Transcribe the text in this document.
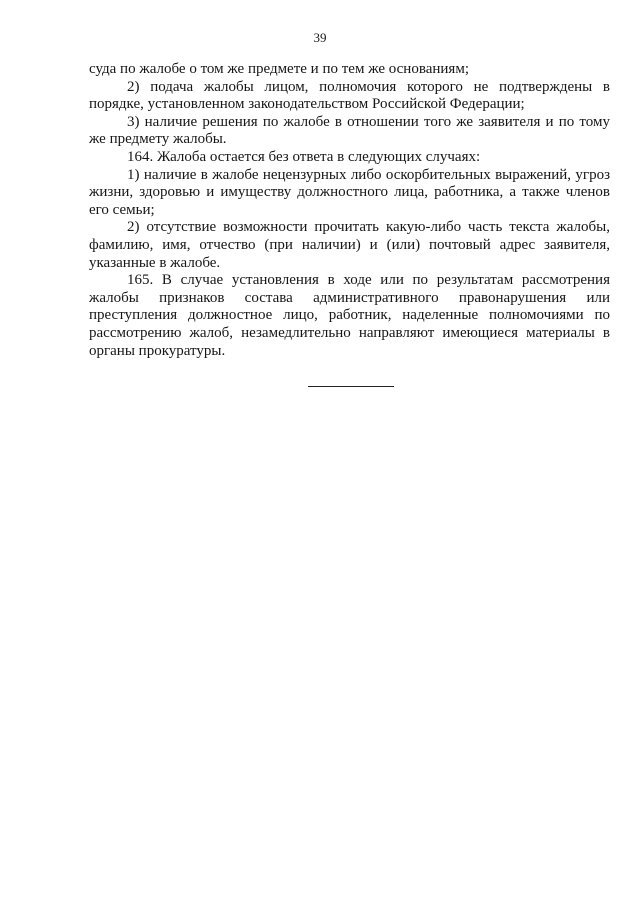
39

суда по жалобе о том же предмете и по тем же основаниям;

2) подача жалобы лицом, полномочия которого не подтверждены в порядке, установленном законодательством Российской Федерации;

3) наличие решения по жалобе в отношении того же заявителя и по тому же предмету жалобы.

164. Жалоба остается без ответа в следующих случаях:

1) наличие в жалобе нецензурных либо оскорбительных выражений, угроз жизни, здоровью и имуществу должностного лица, работника, а также членов его семьи;

2) отсутствие возможности прочитать какую-либо часть текста жалобы, фамилию, имя, отчество (при наличии) и (или) почтовый адрес заявителя, указанные в жалобе.

165. В случае установления в ходе или по результатам рассмотрения жалобы признаков состава административного правонарушения или преступления должностное лицо, работник, наделенные полномочиями по рассмотрению жалоб, незамедлительно направляют имеющиеся материалы в органы прокуратуры.
